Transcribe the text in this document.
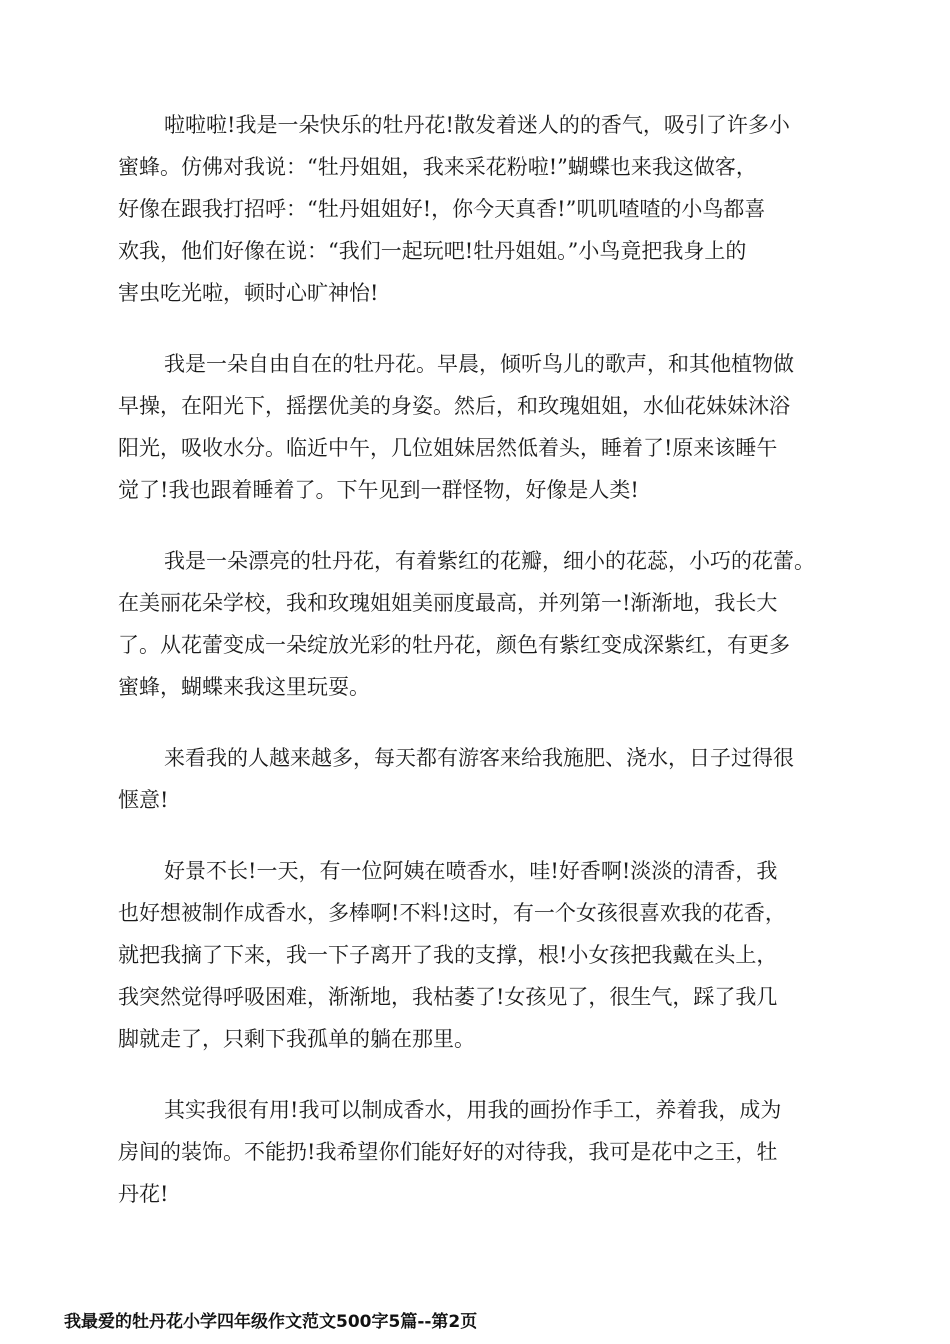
啦啦啦!我是一朵快乐的牡丹花!散发着迷人的的香气，吸引了许多小
蜜蜂。仿佛对我说：“牡丹姐姐，我来采花粉啦!”蝴蝶也来我这做客，
好像在跟我打招呼：“牡丹姐姐好!，你今天真香!”叽叽喳喳的小鸟都喜
欢我，他们好像在说：“我们一起玩吧!牡丹姐姐。”小鸟竟把我身上的
害虫吃光啦，顿时心旷神怡!
我是一朵自由自在的牡丹花。早晨，倾听鸟儿的歌声，和其他植物做
早操，在阳光下，摇摆优美的身姿。然后，和玫瑰姐姐，水仙花妹妹沐浴
阳光，吸收水分。临近中午，几位姐妹居然低着头，睡着了!原来该睡午
觉了!我也跟着睡着了。下午见到一群怪物，好像是人类!
我是一朵漂亮的牡丹花，有着紫红的花瓣，细小的花蕊，小巧的花蕾。
在美丽花朵学校，我和玫瑰姐姐美丽度最高，并列第一!渐渐地，我长大
了。从花蕾变成一朵绽放光彩的牡丹花，颜色有紫红变成深紫红，有更多
蜜蜂，蝴蝶来我这里玩耍。
来看我的人越来越多，每天都有游客来给我施肥、浇水，日子过得很
惬意!
好景不长!一天，有一位阿姨在喷香水，哇!好香啊!淡淡的清香，我
也好想被制作成香水，多棒啊!不料!这时，有一个女孩很喜欢我的花香，
就把我摘了下来，我一下子离开了我的支撑，根!小女孩把我戴在头上，
我突然觉得呼吸困难，渐渐地，我枯萎了!女孩见了，很生气，踩了我几
脚就走了，只剩下我孤单的躺在那里。
其实我很有用!我可以制成香水，用我的画扮作手工，养着我，成为
房间的装饰。不能扔!我希望你们能好好的对待我，我可是花中之王，牡
丹花!
我最爱的牡丹花小学四年级作文范文500字5篇--第2页
